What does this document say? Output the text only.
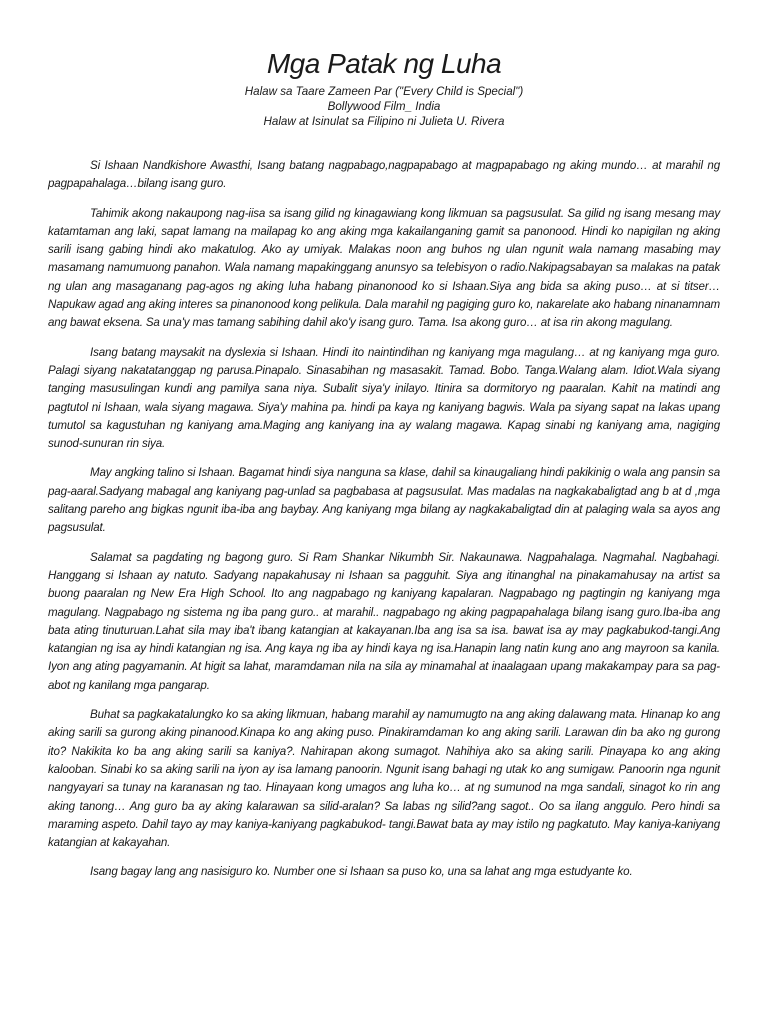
Mga Patak ng Luha

Halaw sa Taare Zameen Par ("Every Child is Special")

Bollywood Film_ India

Halaw at Isinulat sa Filipino ni Julieta U. Rivera

Si Ishaan Nandkishore Awasthi, Isang batang nagpabago,nagpapabago at magpapabago ng aking mundo… at marahil ng pagpapahalaga…bilang isang guro.

Tahimik akong nakaupong nag-iisa sa isang gilid ng kinagawiang kong likmuan sa pagsusulat. Sa gilid ng isang mesang may katamtaman ang laki, sapat lamang na mailapag ko ang aking mga kakailanganing gamit sa panonood. Hindi ko napigilan ng aking sarili isang gabing hindi ako makatulog. Ako ay umiyak. Malakas noon ang buhos ng ulan ngunit wala namang masabing may masamang namumuong panahon. Wala namang mapakinggang anunsyo sa telebisyon o radio.Nakipagsabayan sa malakas na patak ng ulan ang masaganang pag-agos ng aking luha habang pinanonood ko si Ishaan.Siya ang bida sa aking puso… at si titser…Napukaw agad ang aking interes sa pinanonood kong pelikula. Dala marahil ng pagiging guro ko, nakarelate ako habang ninanamnam ang bawat eksena. Sa una'y mas tamang sabihing dahil ako'y isang guro. Tama. Isa akong guro… at isa rin akong magulang.

Isang batang maysakit na dyslexia si Ishaan. Hindi ito naintindihan ng kaniyang mga magulang… at ng kaniyang mga guro. Palagi siyang nakatatanggap ng parusa.Pinapalo. Sinasabihan ng masasakit. Tamad. Bobo. Tanga.Walang alam. Idiot.Wala siyang tanging masusulingan kundi ang pamilya sana niya. Subalit siya'y inilayo. Itinira sa dormitoryo ng paaralan. Kahit na matindi ang pagtutol ni Ishaan, wala siyang magawa. Siya'y mahina pa. hindi pa kaya ng kaniyang bagwis. Wala pa siyang sapat na lakas upang tumutol sa kagustuhan ng kaniyang ama.Maging ang kaniyang ina ay walang magawa. Kapag sinabi ng kaniyang ama, nagiging sunod-sunuran rin siya.

May angking talino si Ishaan. Bagamat hindi siya nanguna sa klase, dahil sa kinaugaliang hindi pakikinig o wala ang pansin sa pag-aaral.Sadyang mabagal ang kaniyang pag-unlad sa pagbabasa at pagsusulat. Mas madalas na nagkakabaligtad ang b at d ,mga salitang pareho ang bigkas ngunit iba-iba ang baybay. Ang kaniyang mga bilang ay nagkakabaligtad din at palaging wala sa ayos ang pagsusulat.

Salamat sa pagdating ng bagong guro. Si Ram Shankar Nikumbh Sir. Nakaunawa. Nagpahalaga. Nagmahal. Nagbahagi. Hanggang si Ishaan ay natuto. Sadyang napakahusay ni Ishaan sa pagguhit. Siya ang itinanghal na pinakamahusay na artist sa buong paaralan ng New Era High School. Ito ang nagpabago ng kaniyang kapalaran. Nagpabago ng pagtingin ng kaniyang mga magulang. Nagpabago ng sistema ng iba pang guro.. at marahil.. nagpabago ng aking pagpapahalaga bilang isang guro.Iba-iba ang bata ating tinuturuan.Lahat sila may iba't ibang katangian at kakayanan.Iba ang isa sa isa. bawat isa ay may pagkabukod-tangi.Ang katangian ng isa ay hindi katangian ng isa. Ang kaya ng iba ay hindi kaya ng isa.Hanapin lang natin kung ano ang mayroon sa kanila. Iyon ang ating pagyamanin. At higit sa lahat, maramdaman nila na sila ay minamahal at inaalagaan upang makakampay para sa pag-abot ng kanilang mga pangarap.

Buhat sa pagkakatalungko ko sa aking likmuan, habang marahil ay namumugto na ang aking dalawang mata. Hinanap ko ang aking sarili sa gurong aking pinanood.Kinapa ko ang aking puso. Pinakiramdaman ko ang aking sarili. Larawan din ba ako ng gurong ito? Nakikita ko ba ang aking sarili sa kaniya?. Nahirapan akong sumagot. Nahihiya ako sa aking sarili. Pinayapa ko ang aking kalooban. Sinabi ko sa aking sarili na iyon ay isa lamang panoorin. Ngunit isang bahagi ng utak ko ang sumigaw. Panoorin nga ngunit nangyayari sa tunay na karanasan ng tao. Hinayaan kong umagos ang luha ko… at ng sumunod na mga sandali, sinagot ko rin ang aking tanong… Ang guro ba ay aking kalarawan sa silid-aralan? Sa labas ng silid?ang sagot.. Oo sa ilang anggulo. Pero hindi sa maraming aspeto. Dahil tayo ay may kaniya-kaniyang pagkabukod- tangi.Bawat bata ay may istilo ng pagkatuto. May kaniya-kaniyang katangian at kakayahan.

Isang bagay lang ang nasisiguro ko. Number one si Ishaan sa puso ko, una sa lahat ang mga estudyante ko.
